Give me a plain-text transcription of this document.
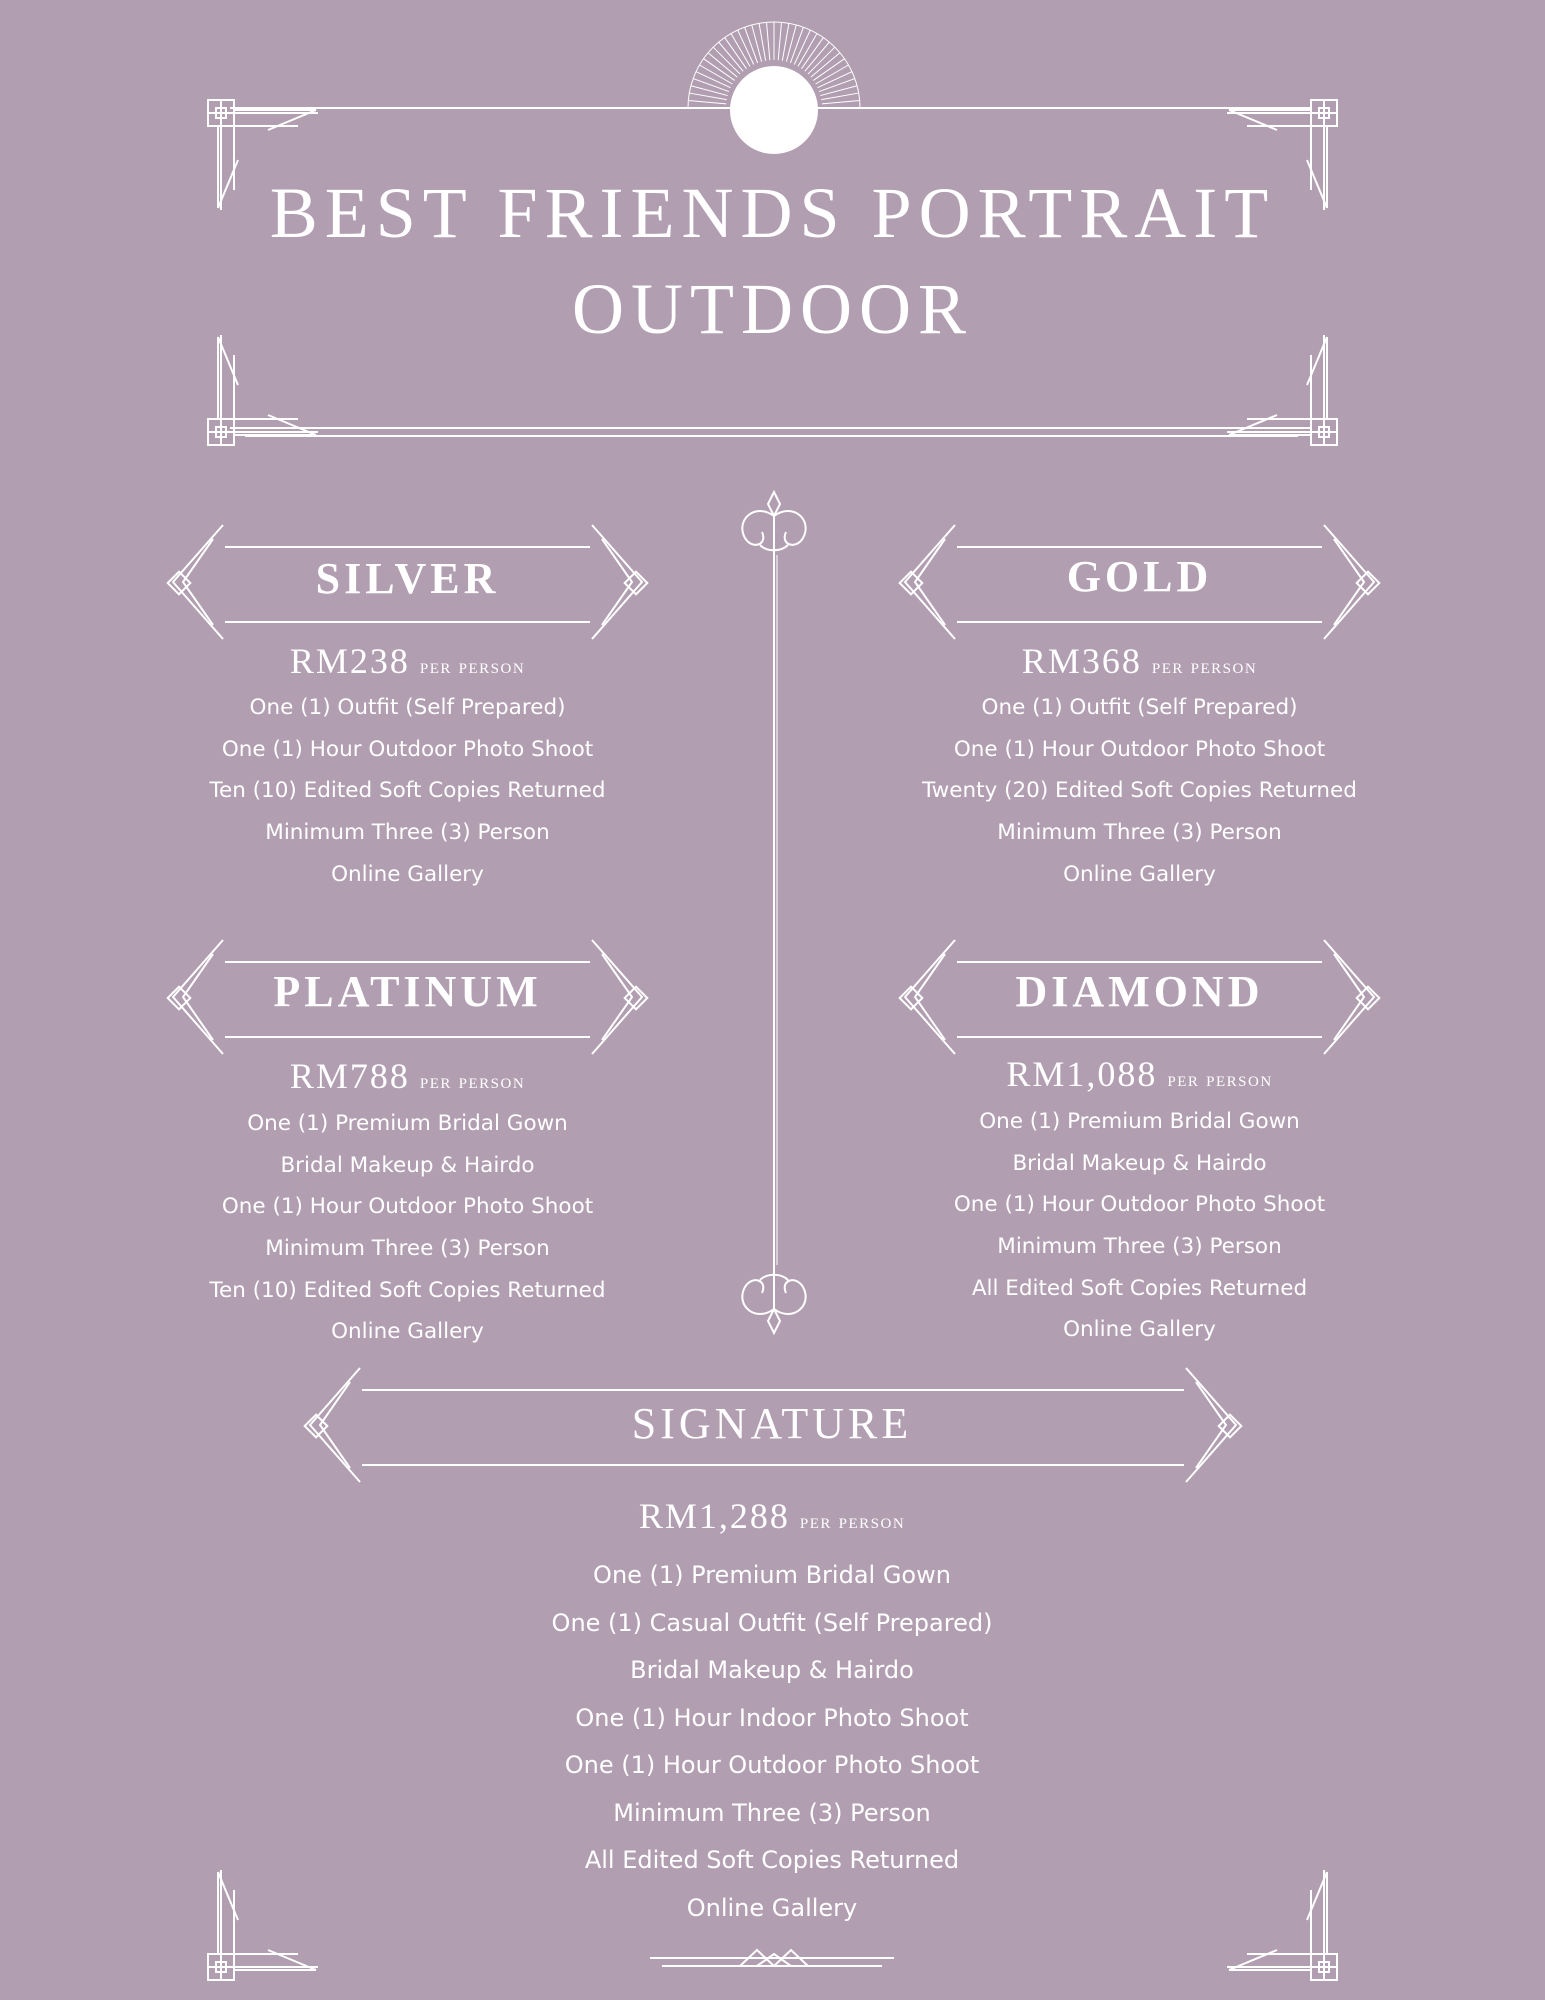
BEST FRIENDS PORTRAIT
OUTDOOR
SILVER
RM238 per person
One (1) Outfit (Self Prepared)
One (1) Hour Outdoor Photo Shoot
Ten (10) Edited Soft Copies Returned
Minimum Three (3) Person
Online Gallery
GOLD
RM368 per person
One (1) Outfit (Self Prepared)
One (1) Hour Outdoor Photo Shoot
Twenty (20) Edited Soft Copies Returned
Minimum Three (3) Person
Online Gallery
PLATINUM
RM788 per person
One (1) Premium Bridal Gown
Bridal Makeup & Hairdo
One (1) Hour Outdoor Photo Shoot
Minimum Three (3) Person
Ten (10) Edited Soft Copies Returned
Online Gallery
DIAMOND
RM1,088 per person
One (1) Premium Bridal Gown
Bridal Makeup & Hairdo
One (1) Hour Outdoor Photo Shoot
Minimum Three (3) Person
All Edited Soft Copies Returned
Online Gallery
SIGNATURE
RM1,288 per person
One (1) Premium Bridal Gown
One (1) Casual Outfit (Self Prepared)
Bridal Makeup & Hairdo
One (1) Hour Indoor Photo Shoot
One (1) Hour Outdoor Photo Shoot
Minimum Three (3) Person
All Edited Soft Copies Returned
Online Gallery
